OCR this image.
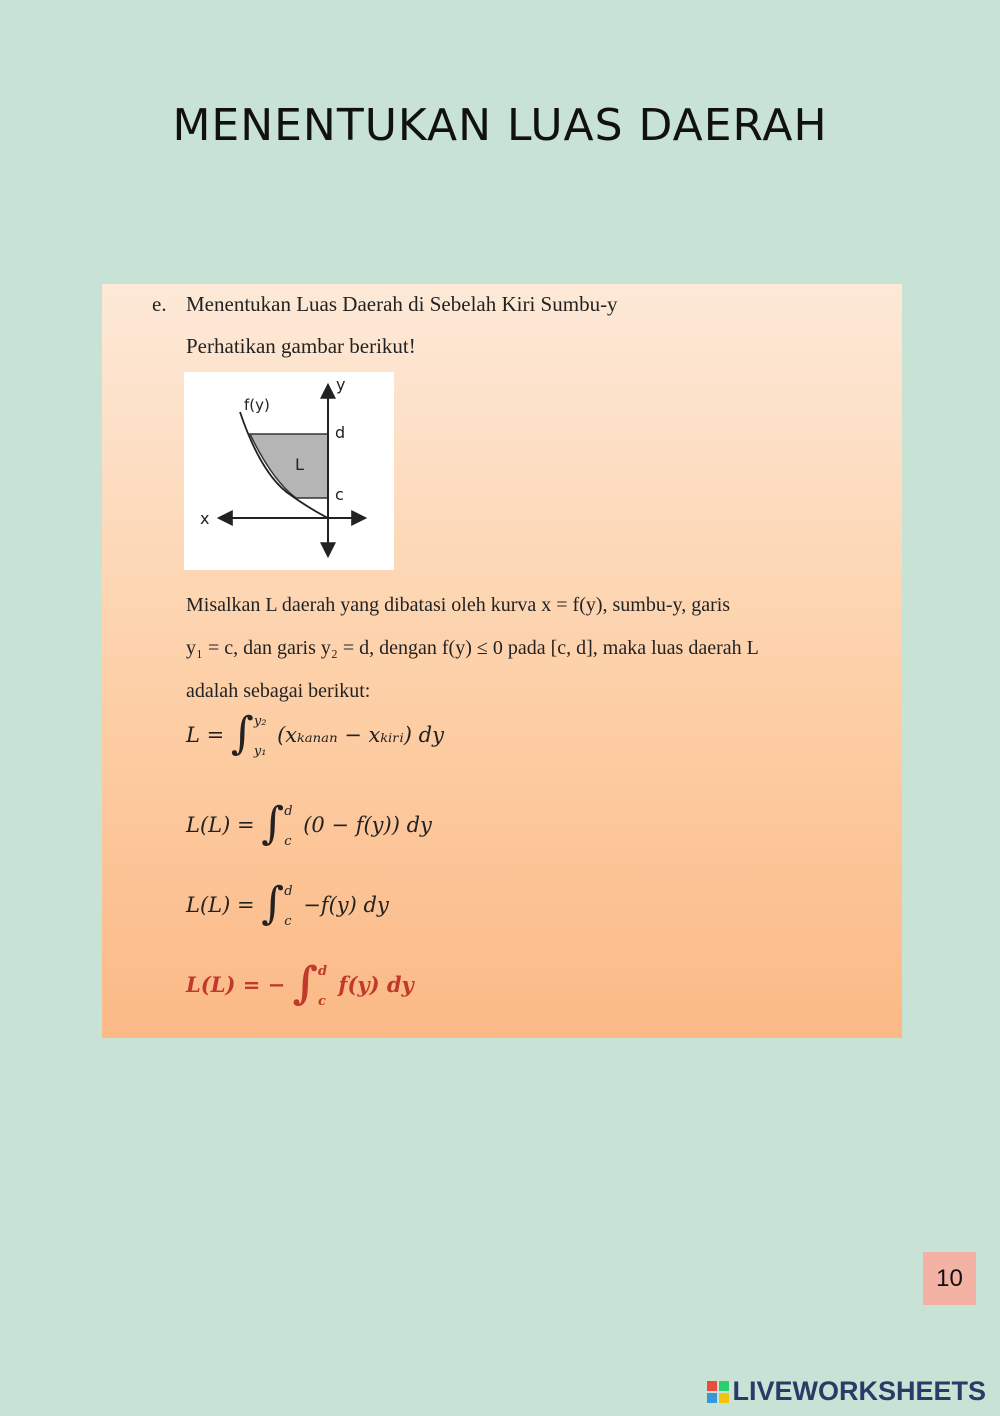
MENENTUKAN LUAS DAERAH
e. Menentukan Luas Daerah di Sebelah Kiri Sumbu-y
Perhatikan gambar berikut!
f(y)
y
x
d
c
L
Misalkan L daerah yang dibatasi oleh kurva x = f(y), sumbu-y, garis
y₁ = c, dan garis y₂ = d, dengan f(y) ≤ 0 pada [c, d], maka luas daerah L
adalah sebagai berikut:
L = ∫ y₂
y₁
(xₖₐₙₐₙ − xₖᵢᵣᵢ) dy
L(L) = ∫ d
c
(0 − f(y)) dy
L(L) = ∫ d
c
−f(y) dy
L(L) = − ∫ d
c
f(y) dy
10
LIVEWORKSHEETS
